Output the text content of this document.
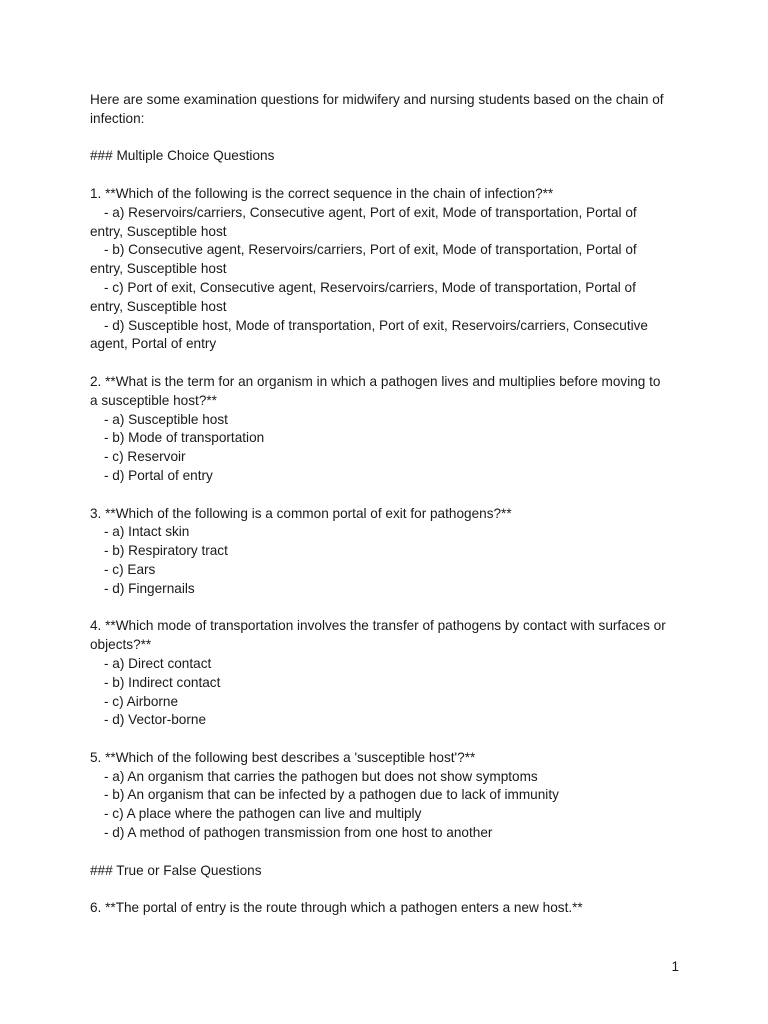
Here are some examination questions for midwifery and nursing students based on the chain of
infection:
### Multiple Choice Questions
1. **Which of the following is the correct sequence in the chain of infection?**
- a) Reservoirs/carriers, Consecutive agent, Port of exit, Mode of transportation, Portal of
entry, Susceptible host
- b) Consecutive agent, Reservoirs/carriers, Port of exit, Mode of transportation, Portal of
entry, Susceptible host
- c) Port of exit, Consecutive agent, Reservoirs/carriers, Mode of transportation, Portal of
entry, Susceptible host
- d) Susceptible host, Mode of transportation, Port of exit, Reservoirs/carriers, Consecutive
agent, Portal of entry
2. **What is the term for an organism in which a pathogen lives and multiplies before moving to
a susceptible host?**
- a) Susceptible host
- b) Mode of transportation
- c) Reservoir
- d) Portal of entry
3. **Which of the following is a common portal of exit for pathogens?**
- a) Intact skin
- b) Respiratory tract
- c) Ears
- d) Fingernails
4. **Which mode of transportation involves the transfer of pathogens by contact with surfaces or
objects?**
- a) Direct contact
- b) Indirect contact
- c) Airborne
- d) Vector-borne
5. **Which of the following best describes a 'susceptible host'?**
- a) An organism that carries the pathogen but does not show symptoms
- b) An organism that can be infected by a pathogen due to lack of immunity
- c) A place where the pathogen can live and multiply
- d) A method of pathogen transmission from one host to another
### True or False Questions
6. **The portal of entry is the route through which a pathogen enters a new host.**
1
